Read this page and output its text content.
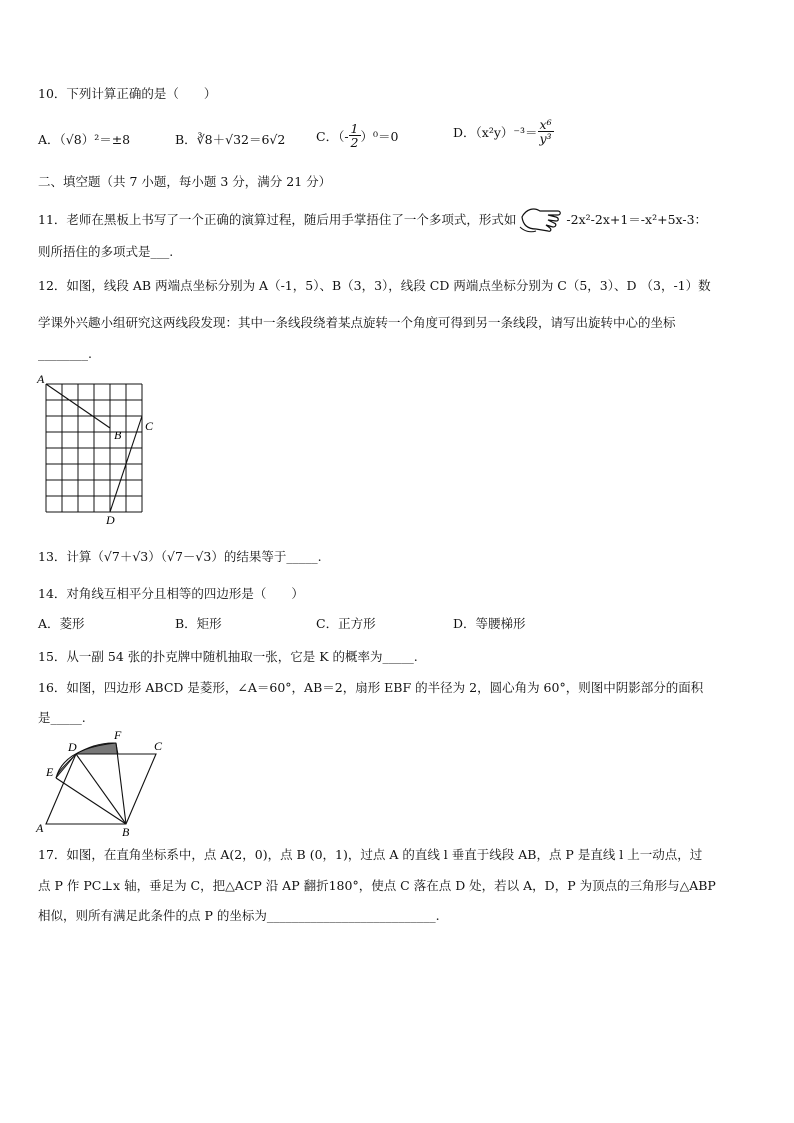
10．下列计算正确的是（　　）
A．（√8）²＝±8	B．∛8＋√32＝6√2 C．（- $\frac{1}{2} )^0=0$	D．$(x^2y)^{-3}= \frac{\text{x⁶}}{\text{y³}}$
二、填空题（共 7 小题，每小题 3 分，满分 21 分）
11．老师在黑板上书写了一个正确的演算过程，随后用手掌捂住了一个多项式，形式如	-2x²-2x+1＝-x²+5x-3：
则所捂住的多项式是___.
12．如图，线段 AB 两端点坐标分别为 A（-1，5）、B（3，3），线段 CD 两端点坐标分别为 C（5，3）、D （3，-1）数
学课外兴趣小组研究这两线段发现：其中一条线段绕着某点旋转一个角度可得到另一条线段，请写出旋转中心的坐标
________.
A
B
C
D
13．计算（√7＋√3）（√7－√3）的结果等于_____.
14．对角线互相平分且相等的四边形是（　　）
A．菱形	B．矩形	C．正方形	D．等腰梯形
15．从一副 54 张的扑克牌中随机抽取一张，它是 K 的概率为_____.
16．如图，四边形 ABCD 是菱形，∠A＝60°，AB＝2，扇形 EBF 的半径为 2，圆心角为 60°，则图中阴影部分的面积
是_____.
A	B
C
D
E
F
17．如图，在直角坐标系中，点 A(2，0)，点 B (0，1)，过点 A 的直线 l 垂直于线段 AB，点 P 是直线 l 上一动点，过
点 P 作 PC⊥x 轴，垂足为 C，把△ACP 沿 AP 翻折180°，使点 C 落在点 D 处，若以 A，D，P 为顶点的三角形与△ABP
相似，则所有满足此条件的点 P 的坐标为___________________________.
